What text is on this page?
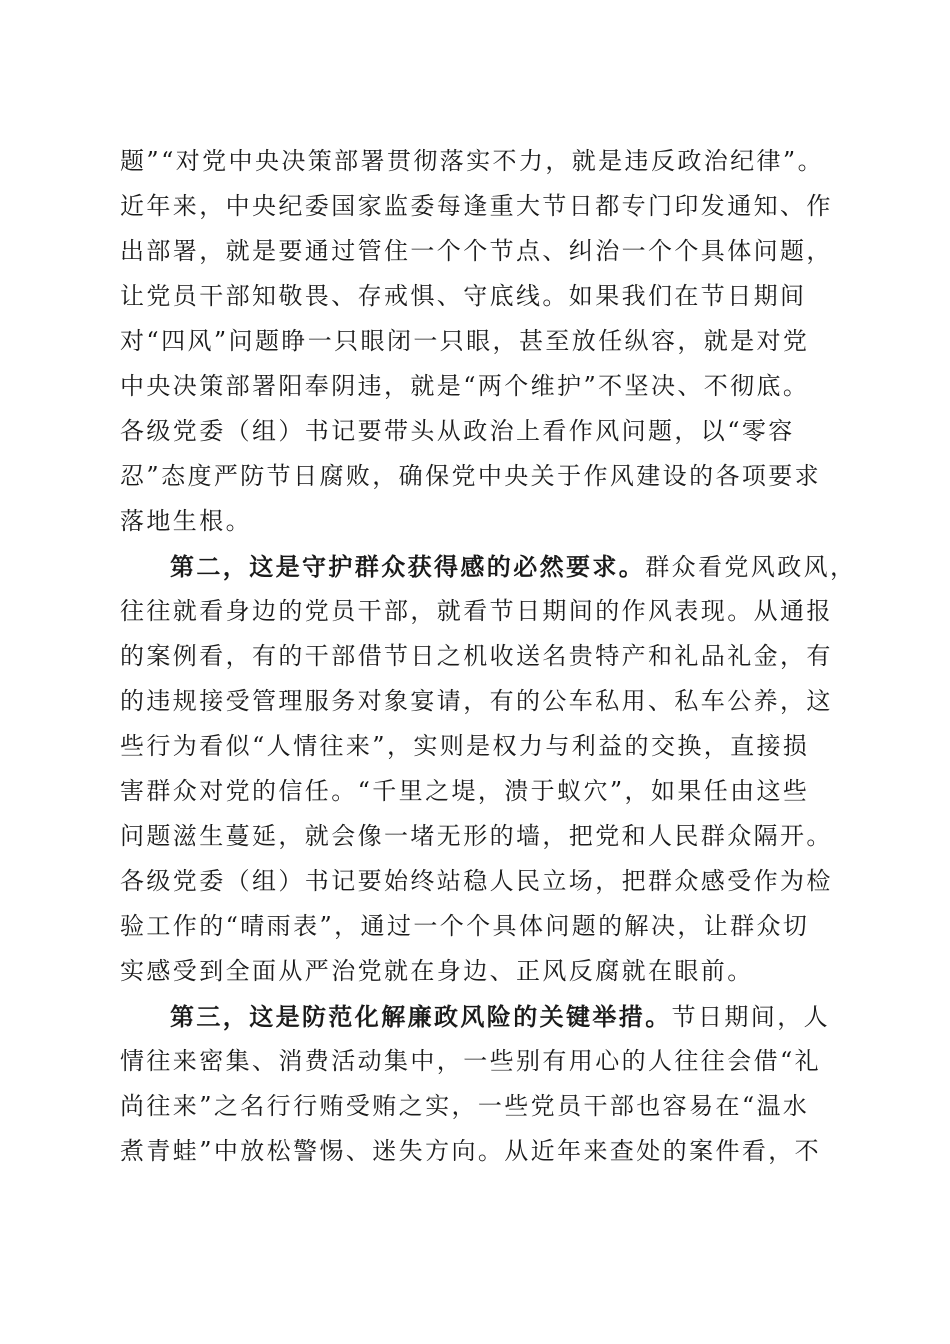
题”“对党中央决策部署贯彻落实不力，就是违反政治纪律”。
近年来，中央纪委国家监委每逢重大节日都专门印发通知、作
出部署，就是要通过管住一个个节点、纠治一个个具体问题，
让党员干部知敬畏、存戒惧、守底线。如果我们在节日期间
对“四风”问题睁一只眼闭一只眼，甚至放任纵容，就是对党
中央决策部署阳奉阴违，就是“两个维护”不坚决、不彻底。
各级党委（组）书记要带头从政治上看作风问题，以“零容
忍”态度严防节日腐败，确保党中央关于作风建设的各项要求
落地生根。
第二，这是守护群众获得感的必然要求。群众看党风政风，
往往就看身边的党员干部，就看节日期间的作风表现。从通报
的案例看，有的干部借节日之机收送名贵特产和礼品礼金，有
的违规接受管理服务对象宴请，有的公车私用、私车公养，这
些行为看似“人情往来”，实则是权力与利益的交换，直接损
害群众对党的信任。“千里之堤，溃于蚁穴”，如果任由这些
问题滋生蔓延，就会像一堵无形的墙，把党和人民群众隔开。
各级党委（组）书记要始终站稳人民立场，把群众感受作为检
验工作的“晴雨表”，通过一个个具体问题的解决，让群众切
实感受到全面从严治党就在身边、正风反腐就在眼前。
第三，这是防范化解廉政风险的关键举措。节日期间，人
情往来密集、消费活动集中，一些别有用心的人往往会借“礼
尚往来”之名行行贿受贿之实，一些党员干部也容易在“温水
煮青蛙”中放松警惕、迷失方向。从近年来查处的案件看，不
